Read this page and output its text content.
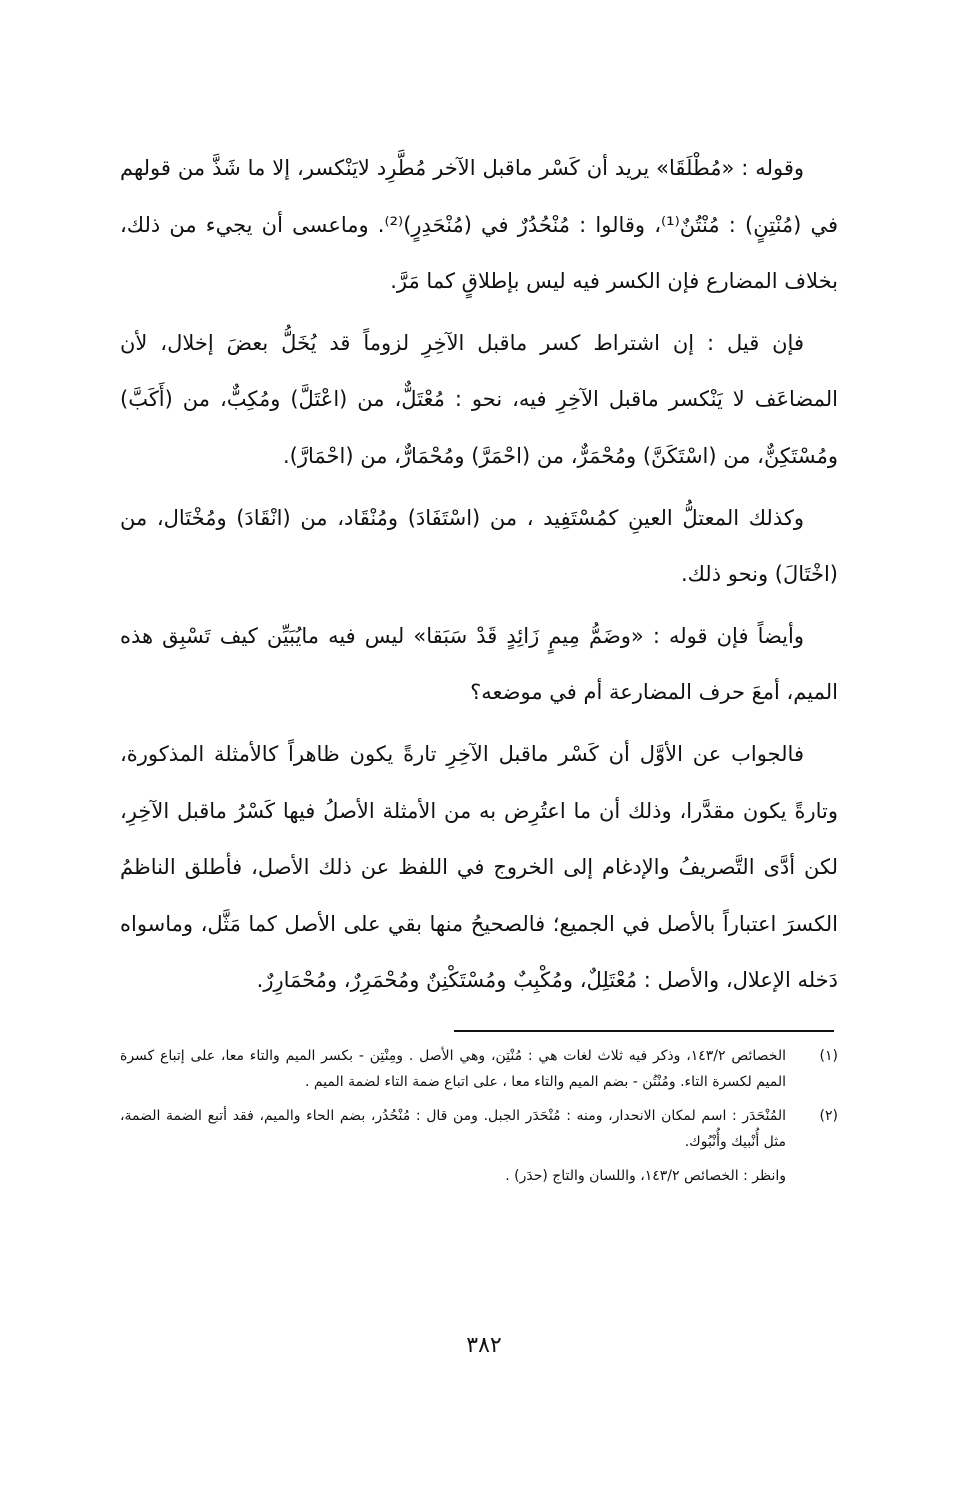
وقوله : «مُطْلَقَا» يريد أن كَسْر ماقبل الآخر مُطَّرِد لايَنْكسر، إلا ما شَذَّ من قولهم في (مُنْتِنٍ) : مُنْتُنٌ⁽¹⁾، وقالوا : مُنْحُدُرٌ في (مُنْحَدِرٍ)⁽²⁾. وماعسى أن يجيء من ذلك، بخلاف المضارع فإن الكسر فيه ليس بإطلاقٍ كما مَرَّ.

فإن قيل : إن اشتراط كسر ماقبل الآخِرِ لزوماً قد يُخَلُّ بعضَ إخلال، لأن المضاعَف لا يَنْكسر ماقبل الآخِرِ فيه، نحو : مُعْتَلٌّ، من (اعْتَلَّ) ومُكِبٌّ، من (أَكَبَّ) ومُسْتَكِنٌّ، من (اسْتَكَنَّ) ومُحْمَرٌّ، من (احْمَرَّ) ومُحْمَارٌّ، من (احْمَارَّ).

وكذلك المعتلُّ العينِ كمُسْتَفِيد ، من (اسْتَفَادَ) ومُنْقَاد، من (انْقَادَ) ومُخْتَال، من (اخْتَالَ) ونحو ذلك.

وأيضاً فإن قوله : «وضَمُّ مِيمٍ زَائِدٍ قَدْ سَبَقا» ليس فيه مايُبَيِّن كيف تَسْبِق هذه الميم، أمعَ حرف المضارعة أم في موضعه؟

فالجواب عن الأوَّل أن كَسْر ماقبل الآخِرِ تارةً يكون ظاهراً كالأمثلة المذكورة، وتارةً يكون مقدَّرا، وذلك أن ما اعتُرِض به من الأمثلة الأصلُ فيها كَسْرُ ماقبل الآخِرِ، لكن أدَّى التَّصريفُ والإدغام إلى الخروج في اللفظ عن ذلك الأصل، فأطلق الناظمُ الكسرَ اعتباراً بالأصل في الجميع؛ فالصحيحُ منها بقي على الأصل كما مَثَّل، وماسواه دَخله الإعلال، والأصل : مُعْتَلِلٌ، ومُكْبِبٌ ومُسْتَكْنِنٌ ومُحْمَرِرٌ، ومُحْمَارِرٌ.

(١)
الخصائص ١٤٣/٢، وذكر فيه ثلاث لغات هي : مُنْتِن، وهي الأصل . ومِنْتِن - بكسر الميم والتاء معا، على إتباع كسرة الميم لكسرة التاء. ومُنْتُن - بضم الميم والتاء معا ، على اتباع ضمة التاء لضمة الميم .
(٢)
المُنْحَدَر : اسم لمكان الانحدار، ومنه : مُنْحَدَر الجبل. ومن قال : مُنْحُدُر، بضم الحاء والميم، فقد أتبع الضمة الضمة، مثل أُنْبيك وأُنْبُوك.
وانظر : الخصائص ١٤٣/٢، واللسان والتاج (حدَر) .
٣٨٢
